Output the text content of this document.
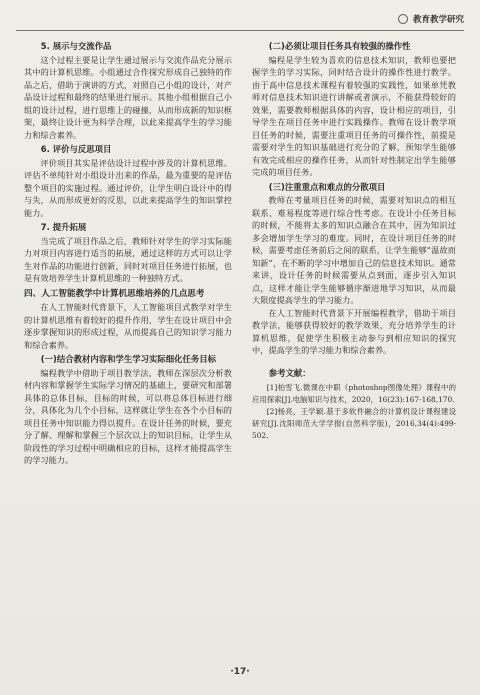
教育教学研究
5. 展示与交流作品

这个过程主要是让学生通过展示与交流作品充分展示其中的计算机思维。小组通过合作探究形成自己独特的作品之后，借助于演讲的方式，对照自己小组的设计，对产品设计过程和最终的结果进行展示。其他小组根据自己小组的设计过程，进行思维上的碰撞，从而形成新的知识框架，最终让设计更为科学合理，以此来提高学生的学习能力和综合素养。

6. 评价与反思项目

评价项目其实是评估设计过程中涉及的计算机思维。评估不单纯针对小组设计出来的作品，最为重要的是评估整个项目的实施过程。通过评价，让学生明白设计中的得与失，从而形成更好的反思，以此来提高学生的知识掌控能力。

7. 提升拓展

当完成了项目作品之后，教师针对学生的学习实际能力对项目内容进行适当的拓展，通过这样的方式可以让学生对作品的功能进行创新，同时对项目任务进行拓展，也是有效培养学生计算机思维的一种独特方式。

四、人工智能教学中计算机思维培养的几点思考

在人工智能时代背景下，人工智能项目式教学对学生的计算机思维有着较好的提升作用，学生在设计项目中会逐步掌握知识的形成过程，从而提高自己的知识学习能力和综合素养。

(一)结合教材内容和学生学习实际细化任务目标

编程教学中借助于项目教学法，教师在深层次分析教材内容和掌握学生实际学习情况的基础上，要研究和部署具体的总体目标，目标的时候，可以将总体目标进行细分，具体化为几个小目标，这样就让学生在各个小目标的项目任务中知识能力得以提升。在设计任务的时候，要充分了解、理解和掌握三个层次以上的知识目标，让学生从阶段性的学习过程中明确相应的目标，这样才能提高学生的学习能力。

(二)必须让项目任务具有较强的操作性

编程是学生较为喜欢的信息技术知识，教师也要把握学生的学习实际，同时结合设计的操作性进行教学。由于高中信息技术课程有着较强的实践性，如果单凭教师对信息技术知识进行讲解或者演示，不能获得较好的效果，需要教师根据具体的内容，设计相应的项目，引导学生在项目任务中进行实践操作。教师在设计教学项目任务的时候，需要注重项目任务的可操作性，前提是需要对学生的知识基础进行充分的了解，预知学生能够有效完成相应的操作任务，从而针对性制定出学生能够完成的项目任务。

(三)注重重点和难点的分散项目

教师在考量项目任务的时候，需要对知识点的相互联系、难易程度等进行综合性考虑。在设计小任务目标的时候，不能将太多的知识点融合在其中，因为知识过多会增加学生学习的难度。同时，在设计项目任务的时候，需要考虑任务前后之间的联系，让学生能够“温故而知新”，在不断的学习中增加自己的信息技术知识。通常来讲，设计任务的时候需要从点到面，逐步引入知识点，这样才能让学生能够循序渐进地学习知识，从而最大限度提高学生的学习能力。

在人工智能时代背景下开展编程教学，借助于项目教学法，能够获得较好的教学效果，充分培养学生的计算机思维，促使学生积极主动参与到相应知识的探究中，提高学生的学习能力和综合素养。

参考文献：

[1]柏雪飞.微课在中职《photoshop图像处理》课程中的应用探索[J].电脑知识与技术，2020，16(23):167-168,170.

[2]杨亮，王学颖.基于多软件融合的计算机设计课程建设研究[J].沈阳师范大学学报(自然科学版)，2016,34(4):499-502.

·17·
